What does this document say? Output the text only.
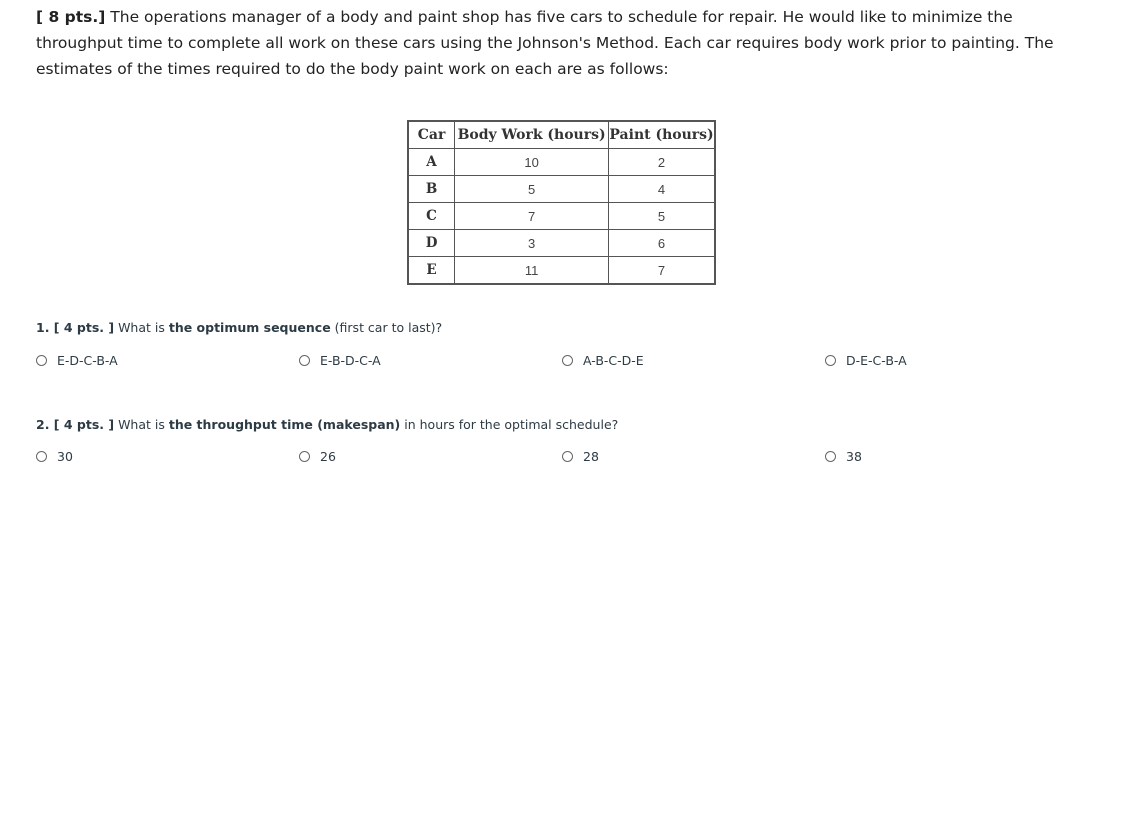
[ 8 pts.] The operations manager of a body and paint shop has five cars to schedule for repair. He would like to minimize the throughput time to complete all work on these cars using the Johnson's Method. Each car requires body work prior to painting. The estimates of the times required to do the body paint work on each are as follows:

Car	Body Work (hours)	Paint (hours)
A	10	2
B	5	4
C	7	5
D	3	6
E	11	7

1. [ 4 pts. ] What is the optimum sequence (first car to last)?

E-D-C-B-A	E-B-D-C-A	A-B-C-D-E	D-E-C-B-A

2. [ 4 pts. ] What is the throughput time (makespan) in hours for the optimal schedule?

30	26	28	38
